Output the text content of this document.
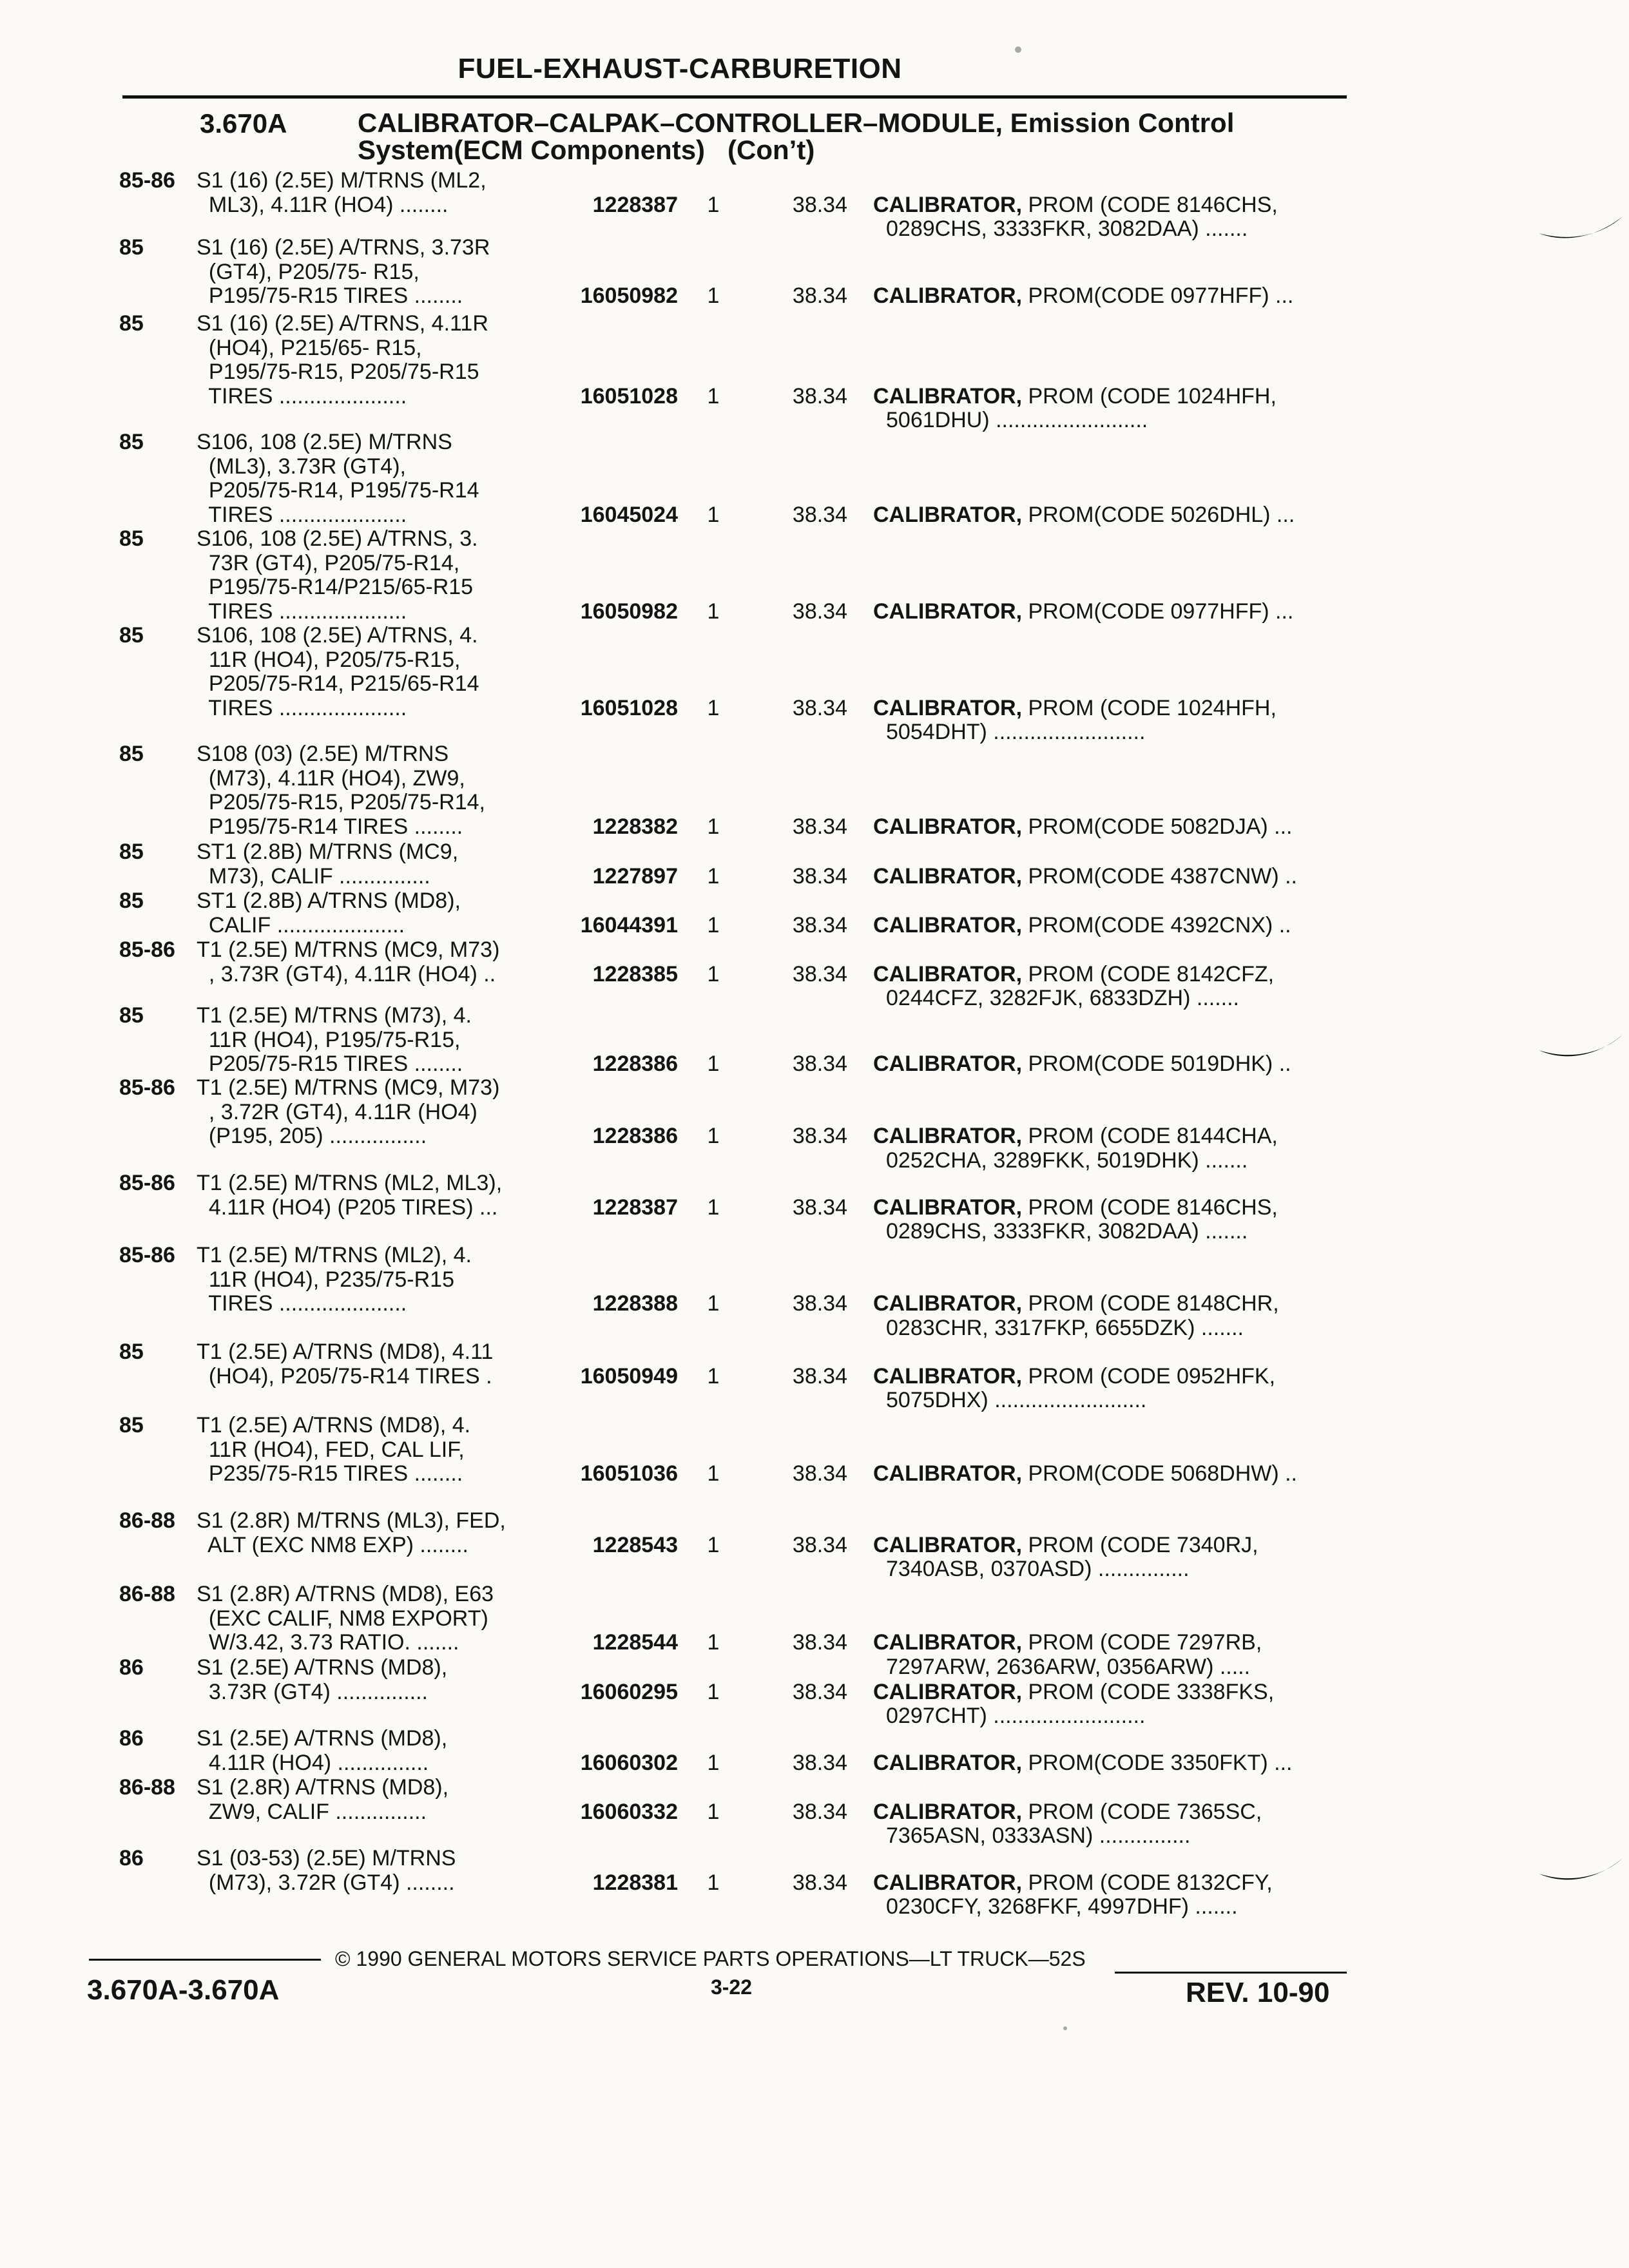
FUEL-EXHAUST-CARBURETION
3.670A	CALIBRATOR–CALPAK–CONTROLLER–MODULE, Emission Control
System(ECM Components)   (Con’t)
85-86 S1 (16) (2.5E) M/TRNS (ML2,
ML3), 4.11R (HO4) ........	1228387 1	38.34 CALIBRATOR, PROM (CODE 8146CHS,
0289CHS, 3333FKR, 3082DAA) .......
85 S1 (16) (2.5E) A/TRNS, 3.73R
(GT4), P205/75- R15,
P195/75-R15 TIRES ........	16050982 1	38.34 CALIBRATOR, PROM(CODE 0977HFF) ...
85 S1 (16) (2.5E) A/TRNS, 4.11R
(HO4), P215/65- R15,
P195/75-R15, P205/75-R15
TIRES .....................	16051028 1	38.34 CALIBRATOR, PROM (CODE 1024HFH,
5061DHU) .........................
85 S106, 108 (2.5E) M/TRNS
(ML3), 3.73R (GT4),
P205/75-R14, P195/75-R14
TIRES .....................	16045024 1	38.34 CALIBRATOR, PROM(CODE 5026DHL) ...
85 S106, 108 (2.5E) A/TRNS, 3.
73R (GT4), P205/75-R14,
P195/75-R14/P215/65-R15
TIRES .....................	16050982 1	38.34 CALIBRATOR, PROM(CODE 0977HFF) ...
85 S106, 108 (2.5E) A/TRNS, 4.
11R (HO4), P205/75-R15,
P205/75-R14, P215/65-R14
TIRES .....................	16051028 1	38.34 CALIBRATOR, PROM (CODE 1024HFH,
5054DHT) .........................
85 S108 (03) (2.5E) M/TRNS
(M73), 4.11R (HO4), ZW9,
P205/75-R15, P205/75-R14,
P195/75-R14 TIRES ........	1228382 1	38.34 CALIBRATOR, PROM(CODE 5082DJA) ...
85 ST1 (2.8B) M/TRNS (MC9,
M73), CALIF ...............	1227897 1	38.34 CALIBRATOR, PROM(CODE 4387CNW) ..
85 ST1 (2.8B) A/TRNS (MD8),
CALIF .....................	16044391 1	38.34 CALIBRATOR, PROM(CODE 4392CNX) ..
85-86 T1 (2.5E) M/TRNS (MC9, M73)
, 3.73R (GT4), 4.11R (HO4) ..	1228385 1	38.34 CALIBRATOR, PROM (CODE 8142CFZ,
0244CFZ, 3282FJK, 6833DZH) .......
85 T1 (2.5E) M/TRNS (M73), 4.
11R (HO4), P195/75-R15,
P205/75-R15 TIRES ........	1228386 1	38.34 CALIBRATOR, PROM(CODE 5019DHK) ..
85-86 T1 (2.5E) M/TRNS (MC9, M73)
, 3.72R (GT4), 4.11R (HO4)
(P195, 205) ................	1228386 1	38.34 CALIBRATOR, PROM (CODE 8144CHA,
0252CHA, 3289FKK, 5019DHK) .......
85-86 T1 (2.5E) M/TRNS (ML2, ML3),
4.11R (HO4) (P205 TIRES) ...	1228387 1	38.34 CALIBRATOR, PROM (CODE 8146CHS,
0289CHS, 3333FKR, 3082DAA) .......
85-86 T1 (2.5E) M/TRNS (ML2), 4.
11R (HO4), P235/75-R15
TIRES .....................	1228388 1	38.34 CALIBRATOR, PROM (CODE 8148CHR,
0283CHR, 3317FKP, 6655DZK) .......
85 T1 (2.5E) A/TRNS (MD8), 4.11
(HO4), P205/75-R14 TIRES .	16050949 1	38.34 CALIBRATOR, PROM (CODE 0952HFK,
5075DHX) .........................
85 T1 (2.5E) A/TRNS (MD8), 4.
11R (HO4), FED, CAL LIF,
P235/75-R15 TIRES ........	16051036 1	38.34 CALIBRATOR, PROM(CODE 5068DHW) ..
86-88 S1 (2.8R) M/TRNS (ML3), FED,
ALT (EXC NM8 EXP) ........	1228543 1	38.34 CALIBRATOR, PROM (CODE 7340RJ,
7340ASB, 0370ASD) ...............
86-88 S1 (2.8R) A/TRNS (MD8), E63
(EXC CALIF, NM8 EXPORT)
W/3.42, 3.73 RATIO. .......	1228544 1	38.34 CALIBRATOR, PROM (CODE 7297RB,
7297ARW, 2636ARW, 0356ARW) .....
86 S1 (2.5E) A/TRNS (MD8),
3.73R (GT4) ...............	16060295 1	38.34 CALIBRATOR, PROM (CODE 3338FKS,
0297CHT) .........................
86 S1 (2.5E) A/TRNS (MD8),
4.11R (HO4) ...............	16060302 1	38.34 CALIBRATOR, PROM(CODE 3350FKT) ...
86-88 S1 (2.8R) A/TRNS (MD8),
ZW9, CALIF ...............	16060332 1	38.34 CALIBRATOR, PROM (CODE 7365SC,
7365ASN, 0333ASN) ...............
86 S1 (03-53) (2.5E) M/TRNS
(M73), 3.72R (GT4) ........	1228381 1	38.34 CALIBRATOR, PROM (CODE 8132CFY,
0230CFY, 3268FKF, 4997DHF) .......
© 1990 GENERAL MOTORS SERVICE PARTS OPERATIONS—LT TRUCK—52S
3.670A-3.670A	3-22	REV. 10-90
